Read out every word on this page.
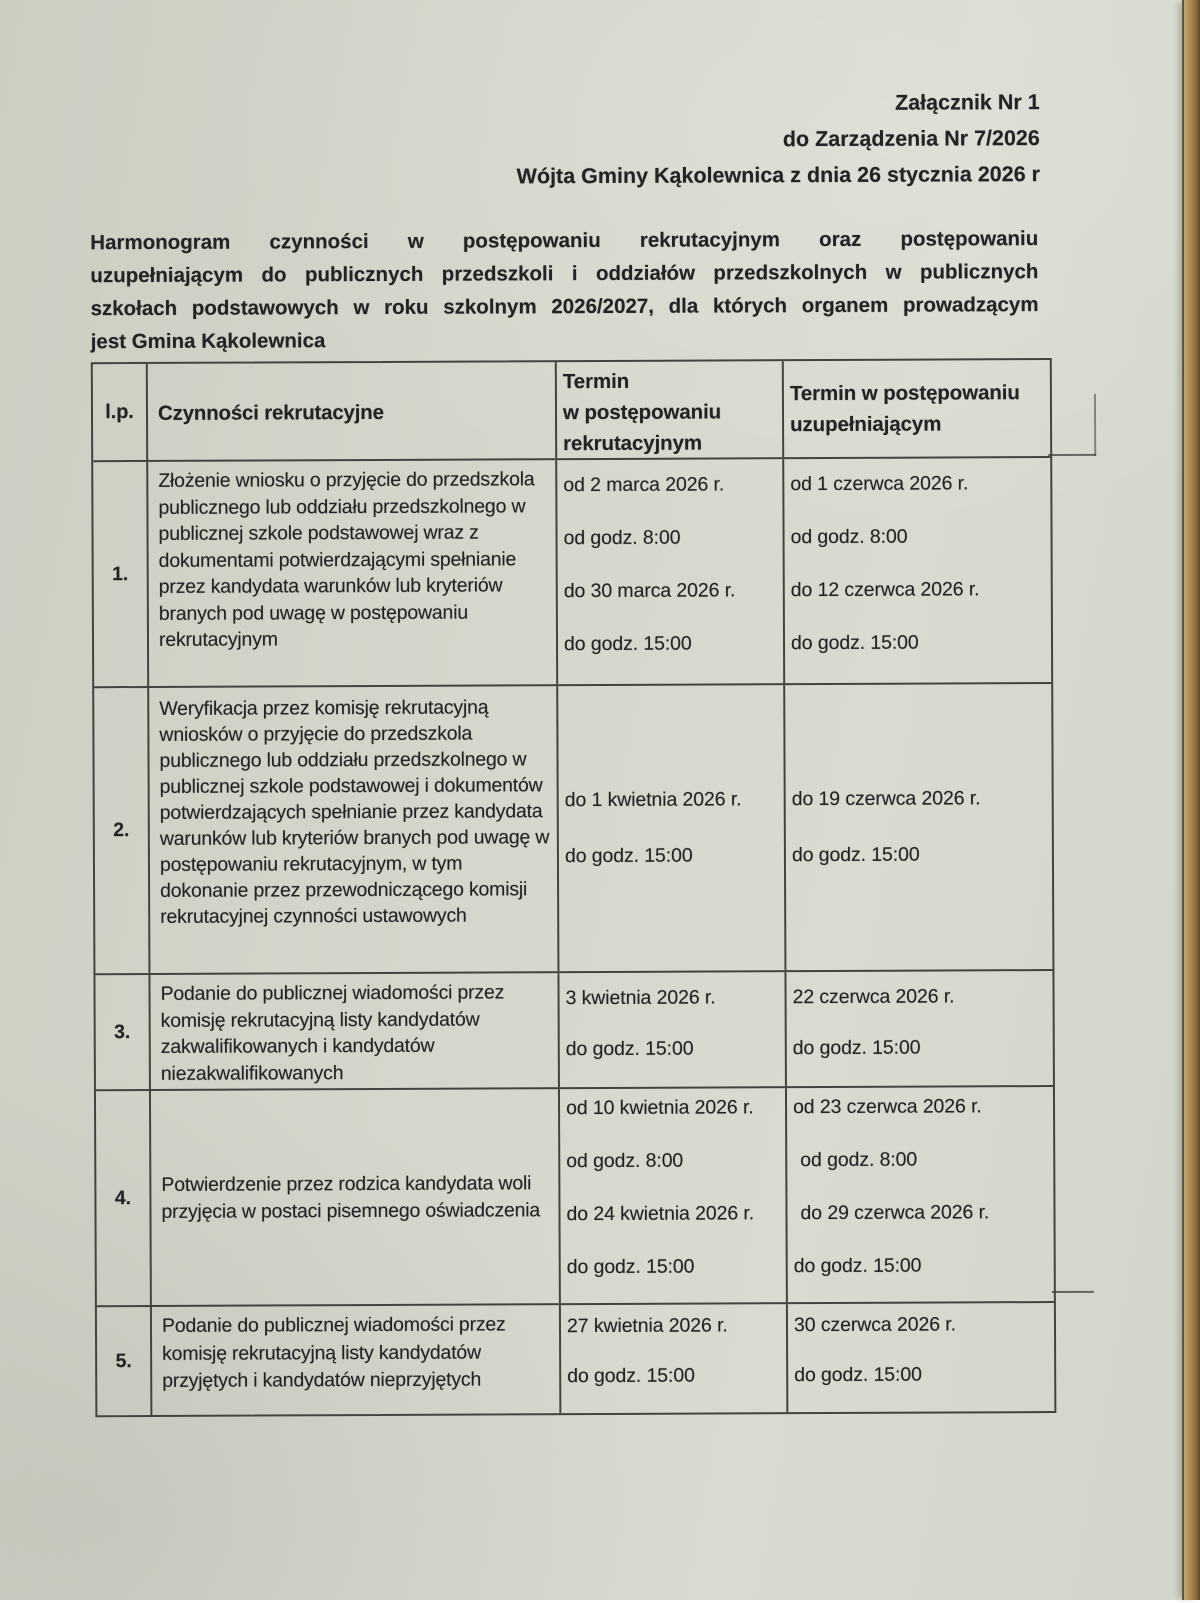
Załącznik Nr 1
do Zarządzenia Nr 7/2026
Wójta Gminy Kąkolewnica z dnia 26 stycznia 2026 r
Harmonogram czynności w postępowaniu rekrutacyjnym oraz postępowaniu
uzupełniającym do publicznych przedszkoli i oddziałów przedszkolnych w publicznych
szkołach podstawowych w roku szkolnym 2026/2027, dla których organem prowadzącym
jest Gmina Kąkolewnica
l.p.	Czynności rekrutacyjne
Termin
w postępowaniu
rekrutacyjnym
Termin w postępowaniu uzupełniającym
1.
Złożenie wniosku o przyjęcie do przedszkola publicznego lub oddziału przedszkolnego w publicznej szkole podstawowej wraz z dokumentami potwierdzającymi spełnianie przez kandydata warunków lub kryteriów branych pod uwagę w postępowaniu rekrutacyjnym
od 2 marca 2026 r.
od godz. 8:00
do 30 marca 2026 r.
do godz. 15:00
od 1 czerwca 2026 r.
od godz. 8:00
do 12 czerwca 2026 r.
do godz. 15:00
2.
Weryfikacja przez komisję rekrutacyjną wniosków o przyjęcie do przedszkola publicznego lub oddziału przedszkolnego w publicznej szkole podstawowej i dokumentów potwierdzających spełnianie przez kandydata warunków lub kryteriów branych pod uwagę w postępowaniu rekrutacyjnym, w tym dokonanie przez przewodniczącego komisji rekrutacyjnej czynności ustawowych
do 1 kwietnia 2026 r.
do godz. 15:00
do 19 czerwca 2026 r.
do godz. 15:00
3.
Podanie do publicznej wiadomości przez komisję rekrutacyjną listy kandydatów zakwalifikowanych i kandydatów niezakwalifikowanych
3 kwietnia 2026 r.
do godz. 15:00
22 czerwca 2026 r.
do godz. 15:00
4.
Potwierdzenie przez rodzica kandydata woli przyjęcia w postaci pisemnego oświadczenia
od 10 kwietnia 2026 r.
od godz. 8:00
do 24 kwietnia 2026 r.
do godz. 15:00
od 23 czerwca 2026 r.
od godz. 8:00
do 29 czerwca 2026 r.
do godz. 15:00
5.
Podanie do publicznej wiadomości przez komisję rekrutacyjną listy kandydatów przyjętych i kandydatów nieprzyjętych
27 kwietnia 2026 r.
do godz. 15:00
30 czerwca 2026 r.
do godz. 15:00
